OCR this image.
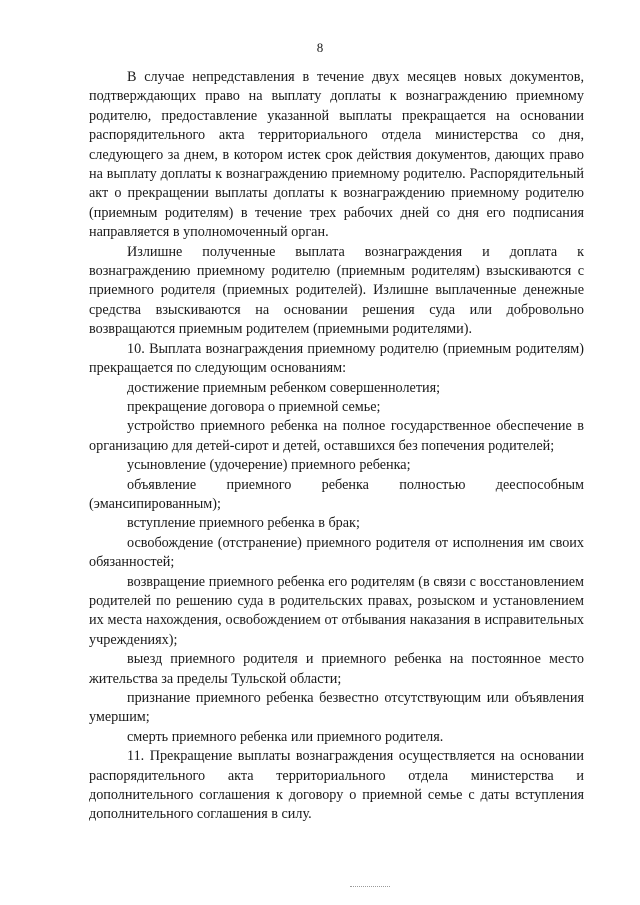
8

В случае непредставления в течение двух месяцев новых документов, подтверждающих право на выплату доплаты к вознаграждению приемному родителю, предоставление указанной выплаты прекращается на основании распорядительного акта территориального отдела министерства со дня, следующего за днем, в котором истек срок действия документов, дающих право на выплату доплаты к вознаграждению приемному родителю. Распорядительный акт о прекращении выплаты доплаты к вознаграждению приемному родителю (приемным родителям) в течение трех рабочих дней со дня его подписания направляется в уполномоченный орган.

Излишне полученные выплата вознаграждения и доплата к вознаграждению приемному родителю (приемным родителям) взыскиваются с приемного родителя (приемных родителей). Излишне выплаченные денежные средства взыскиваются на основании решения суда или добровольно возвращаются приемным родителем (приемными родителями).

10. Выплата вознаграждения приемному родителю (приемным родителям) прекращается по следующим основаниям:

достижение приемным ребенком совершеннолетия;

прекращение договора о приемной семье;

устройство приемного ребенка на полное государственное обеспечение в организацию для детей-сирот и детей, оставшихся без попечения родителей;

усыновление (удочерение) приемного ребенка;

объявление приемного ребенка полностью дееспособным (эмансипированным);

вступление приемного ребенка в брак;

освобождение (отстранение) приемного родителя от исполнения им своих обязанностей;

возвращение приемного ребенка его родителям (в связи с восстановлением родителей по решению суда в родительских правах, розыском и установлением их места нахождения, освобождением от отбывания наказания в исправительных учреждениях);

выезд приемного родителя и приемного ребенка на постоянное место жительства за пределы Тульской области;

признание приемного ребенка безвестно отсутствующим или объявления умершим;

смерть приемного ребенка или приемного родителя.

11. Прекращение выплаты вознаграждения осуществляется на основании распорядительного акта территориального отдела министерства и дополнительного соглашения к договору о приемной семье с даты вступления дополнительного соглашения в силу.
